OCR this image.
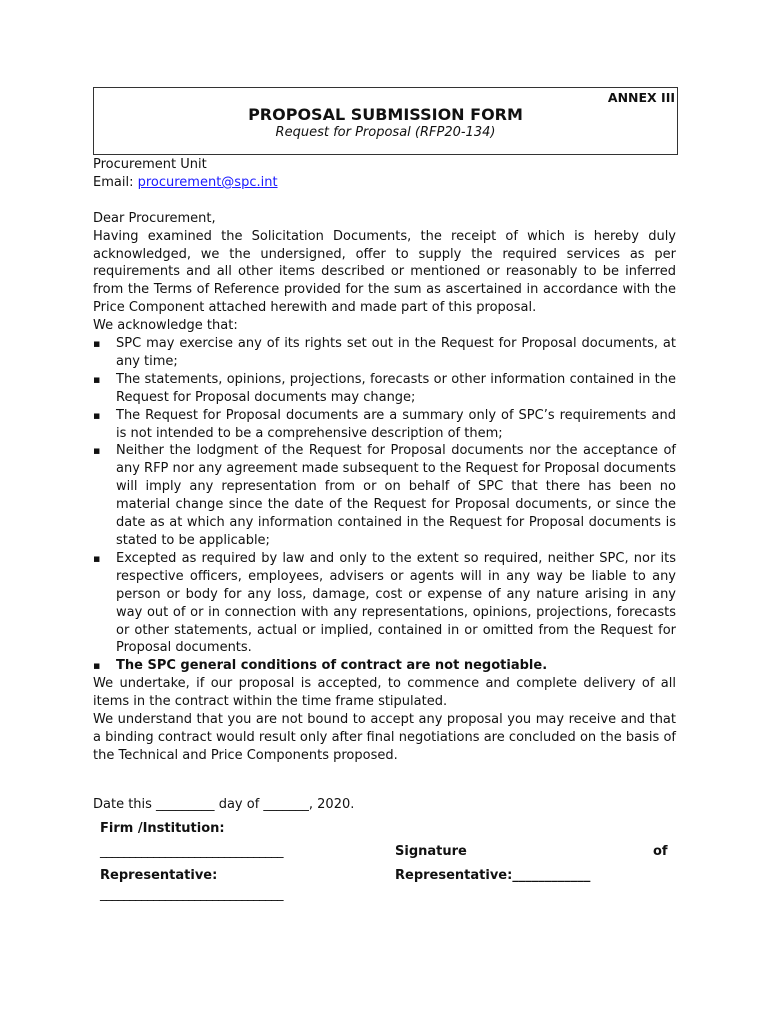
ANNEX III
PROPOSAL SUBMISSION FORM
Request for Proposal (RFP20-134)

Procurement Unit

Email: procurement@spc.int

Dear Procurement,

Having examined the Solicitation Documents, the receipt of which is hereby duly acknowledged, we the undersigned, offer to supply the required services as per requirements and all other items described or mentioned or reasonably to be inferred from the Terms of Reference provided for the sum as ascertained in accordance with the Price Component attached herewith and made part of this proposal.

We acknowledge that:

▪ SPC may exercise any of its rights set out in the Request for Proposal documents, at any time;
▪ The statements, opinions, projections, forecasts or other information contained in the Request for Proposal documents may change;
▪ The Request for Proposal documents are a summary only of SPC’s requirements and is not intended to be a comprehensive description of them;
▪ Neither the lodgment of the Request for Proposal documents nor the acceptance of any RFP nor any agreement made subsequent to the Request for Proposal documents will imply any representation from or on behalf of SPC that there has been no material change since the date of the Request for Proposal documents, or since the date as at which any information contained in the Request for Proposal documents is stated to be applicable;
▪ Excepted as required by law and only to the extent so required, neither SPC, nor its respective officers, employees, advisers or agents will in any way be liable to any person or body for any loss, damage, cost or expense of any nature arising in any way out of or in connection with any representations, opinions, projections, forecasts or other statements, actual or implied, contained in or omitted from the Request for Proposal documents.
▪ The SPC general conditions of contract are not negotiable.

We undertake, if our proposal is accepted, to commence and complete delivery of all items in the contract within the time frame stipulated.

We understand that you are not bound to accept any proposal you may receive and that a binding contract would result only after final negotiations are concluded on the basis of the Technical and Price Components proposed.

Date this _________ day of _______, 2020.
Firm /Institution:
_______________________________	Signature	of
Representative:	Representative:____________
_______________________________
